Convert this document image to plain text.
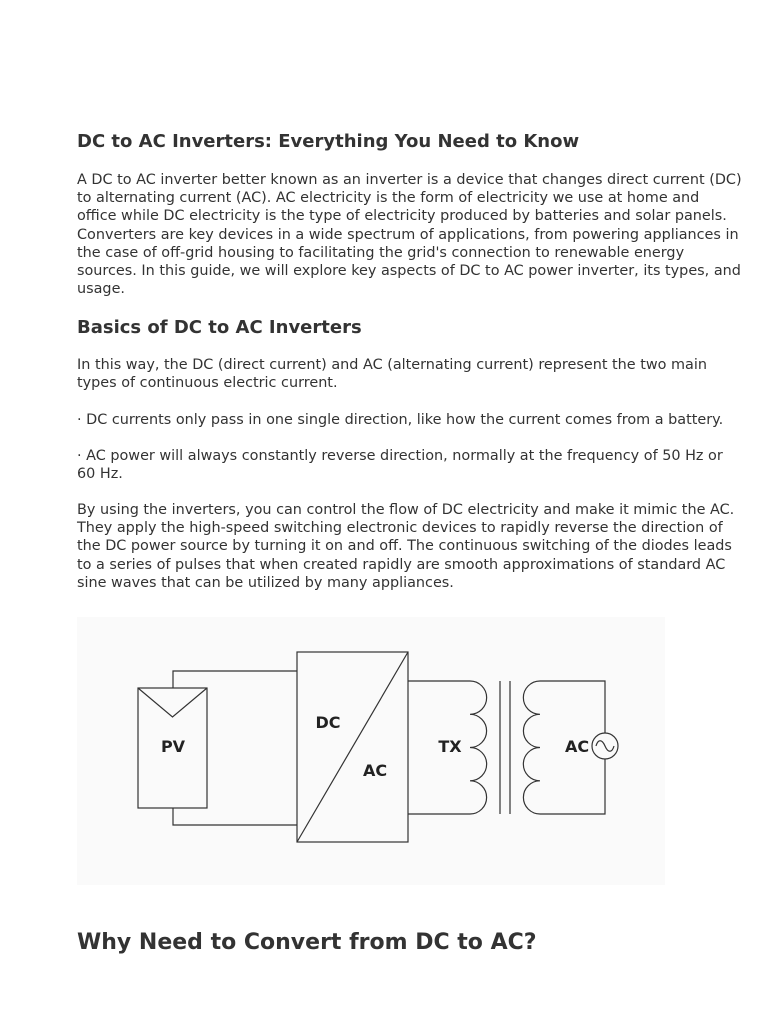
DC to AC Inverters: Everything You Need to Know

A DC to AC inverter better known as an inverter is a device that changes direct current (DC) to alternating current (AC). AC electricity is the form of electricity we use at home and office while DC electricity is the type of electricity produced by batteries and solar panels. Converters are key devices in a wide spectrum of applications, from powering appliances in the case of off-grid housing to facilitating the grid's connection to renewable energy sources. In this guide, we will explore key aspects of DC to AC power inverter, its types, and usage.

Basics of DC to AC Inverters

In this way, the DC (direct current) and AC (alternating current) represent the two main types of continuous electric current.

· DC currents only pass in one single direction, like how the current comes from a battery.

· AC power will always constantly reverse direction, normally at the frequency of 50 Hz or 60 Hz.

By using the inverters, you can control the flow of DC electricity and make it mimic the AC. They apply the high-speed switching electronic devices to rapidly reverse the direction of the DC power source by turning it on and off. The continuous switching of the diodes leads to a series of pulses that when created rapidly are smooth approximations of standard AC sine waves that can be utilized by many appliances.

PV
DC
AC
TX	AC
Why Need to Convert from DC to AC?
